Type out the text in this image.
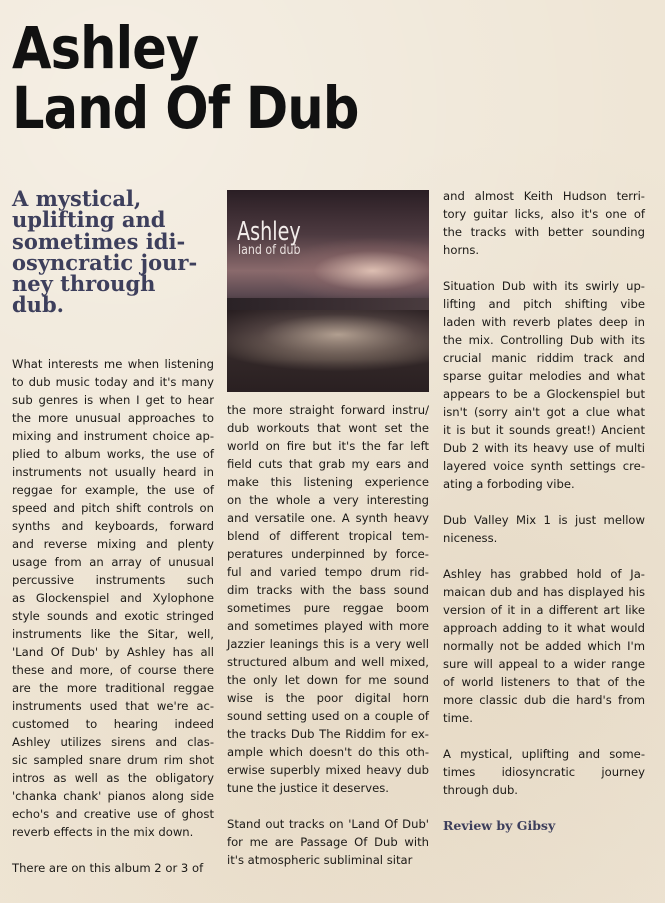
Ashley
Land Of Dub
A mystical,
uplifting and
sometimes idi-
osyncratic jour-
ney through
dub.
Ashley
land of dub
What interests me when listening
to dub music today and it's many
sub genres is when I get to hear
the more unusual approaches to
mixing and instrument choice ap-
plied to album works, the use of
instruments not usually heard in
reggae for example, the use of
speed and pitch shift controls on
synths and keyboards, forward
and reverse mixing and plenty
usage from an array of unusual
percussive instruments such
as Glockenspiel and Xylophone
style sounds and exotic stringed
instruments like the Sitar, well,
'Land Of Dub' by Ashley has all
these and more, of course there
are the more traditional reggae
instruments used that we're ac-
customed to hearing indeed
Ashley utilizes sirens and clas-
sic sampled snare drum rim shot
intros as well as the obligatory
'chanka chank' pianos along side
echo's and creative use of ghost
reverb effects in the mix down.
There are on this album 2 or 3 of
the more straight forward instru/
dub workouts that wont set the
world on fire but it's the far left
field cuts that grab my ears and
make this listening experience
on the whole a very interesting
and versatile one. A synth heavy
blend of different tropical tem-
peratures underpinned by force-
ful and varied tempo drum rid-
dim tracks with the bass sound
sometimes pure reggae boom
and sometimes played with more
Jazzier leanings this is a very well
structured album and well mixed,
the only let down for me sound
wise is the poor digital horn
sound setting used on a couple of
the tracks Dub The Riddim for ex-
ample which doesn't do this oth-
erwise superbly mixed heavy dub
tune the justice it deserves.
Stand out tracks on 'Land Of Dub'
for me are Passage Of Dub with
it's atmospheric subliminal sitar
and almost Keith Hudson terri-
tory guitar licks, also it's one of
the tracks with better sounding
horns.
Situation Dub with its swirly up-
lifting and pitch shifting vibe
laden with reverb plates deep in
the mix. Controlling Dub with its
crucial manic riddim track and
sparse guitar melodies and what
appears to be a Glockenspiel but
isn't (sorry ain't got a clue what
it is but it sounds great!) Ancient
Dub 2 with its heavy use of multi
layered voice synth settings cre-
ating a forboding vibe.
Dub Valley Mix 1 is just mellow
niceness.
Ashley has grabbed hold of Ja-
maican dub and has displayed his
version of it in a different art like
approach adding to it what would
normally not be added which I'm
sure will appeal to a wider range
of world listeners to that of the
more classic dub die hard's from
time.
A mystical, uplifting and some-
times idiosyncratic journey
through dub.
Review by Gibsy
